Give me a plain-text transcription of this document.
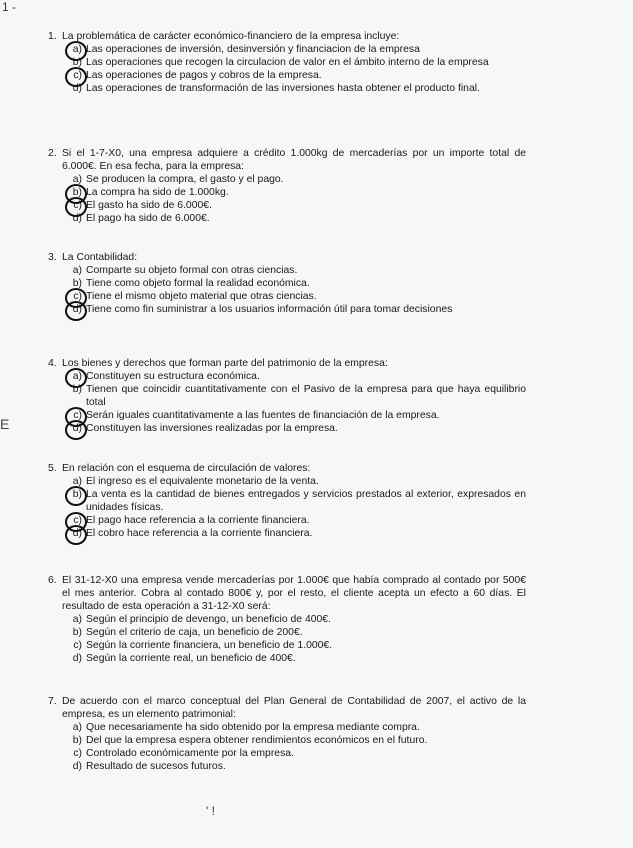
1 -
E
1. La problemática de carácter económico-financiero de la empresa incluye:
a) Las operaciones de inversión, desinversión y financiacion de la empresa
b) Las operaciones que recogen la circulacion de valor en el ámbito interno de la empresa
c) Las operaciones de pagos y cobros de la empresa.
d) Las operaciones de transformación de las inversiones hasta obtener el producto final.
2. Si el 1-7-X0, una empresa adquiere a crédito 1.000kg de mercaderías por un importe total de 6.000€. En esa fecha, para la empresa:
a) Se producen la compra, el gasto y el pago.
b) La compra ha sido de 1.000kg.
c) El gasto ha sido de 6.000€.
d) El pago ha sido de 6.000€.
3. La Contabilidad:
a) Comparte su objeto formal con otras ciencias.
b) Tiene como objeto formal la realidad económica.
c) Tiene el mismo objeto material que otras ciencias.
d) Tiene como fin suministrar a los usuarios información útil para tomar decisiones
4. Los bienes y derechos que forman parte del patrimonio de la empresa:
a) Constituyen su estructura económica.
b) Tienen que coincidir cuantitativamente con el Pasivo de la empresa para que haya equilibrio total
c) Serán iguales cuantitativamente a las fuentes de financiación de la empresa.
d) Constituyen las inversiones realizadas por la empresa.
5. En relación con el esquema de circulación de valores:
a) El ingreso es el equivalente monetario de la venta.
b) La venta es la cantidad de bienes entregados y servicios prestados al exterior, expresados en unidades físicas.
c) El pago hace referencia a la corriente financiera.
d) El cobro hace referencia a la corriente financiera.
6. El 31-12-X0 una empresa vende mercaderías por 1.000€ que había comprado al contado por 500€ el mes anterior. Cobra al contado 800€ y, por el resto, el cliente acepta un efecto a 60 días. El resultado de esta operación a 31-12-X0 será:
a) Según el principio de devengo, un beneficio de 400€.
b) Según el criterio de caja, un beneficio de 200€.
c) Según la corriente financiera, un beneficio de 1.000€.
d) Según la corriente real, un beneficio de 400€.
7. De acuerdo con el marco conceptual del Plan General de Contabilidad de 2007, el activo de la empresa, es un elemento patrimonial:
a) Que necesariamente ha sido obtenido por la empresa mediante compra.
b) Del que la empresa espera obtener rendimientos económicos en el futuro.
c) Controlado económicamente por la empresa.
d) Resultado de sucesos futuros.
' !
